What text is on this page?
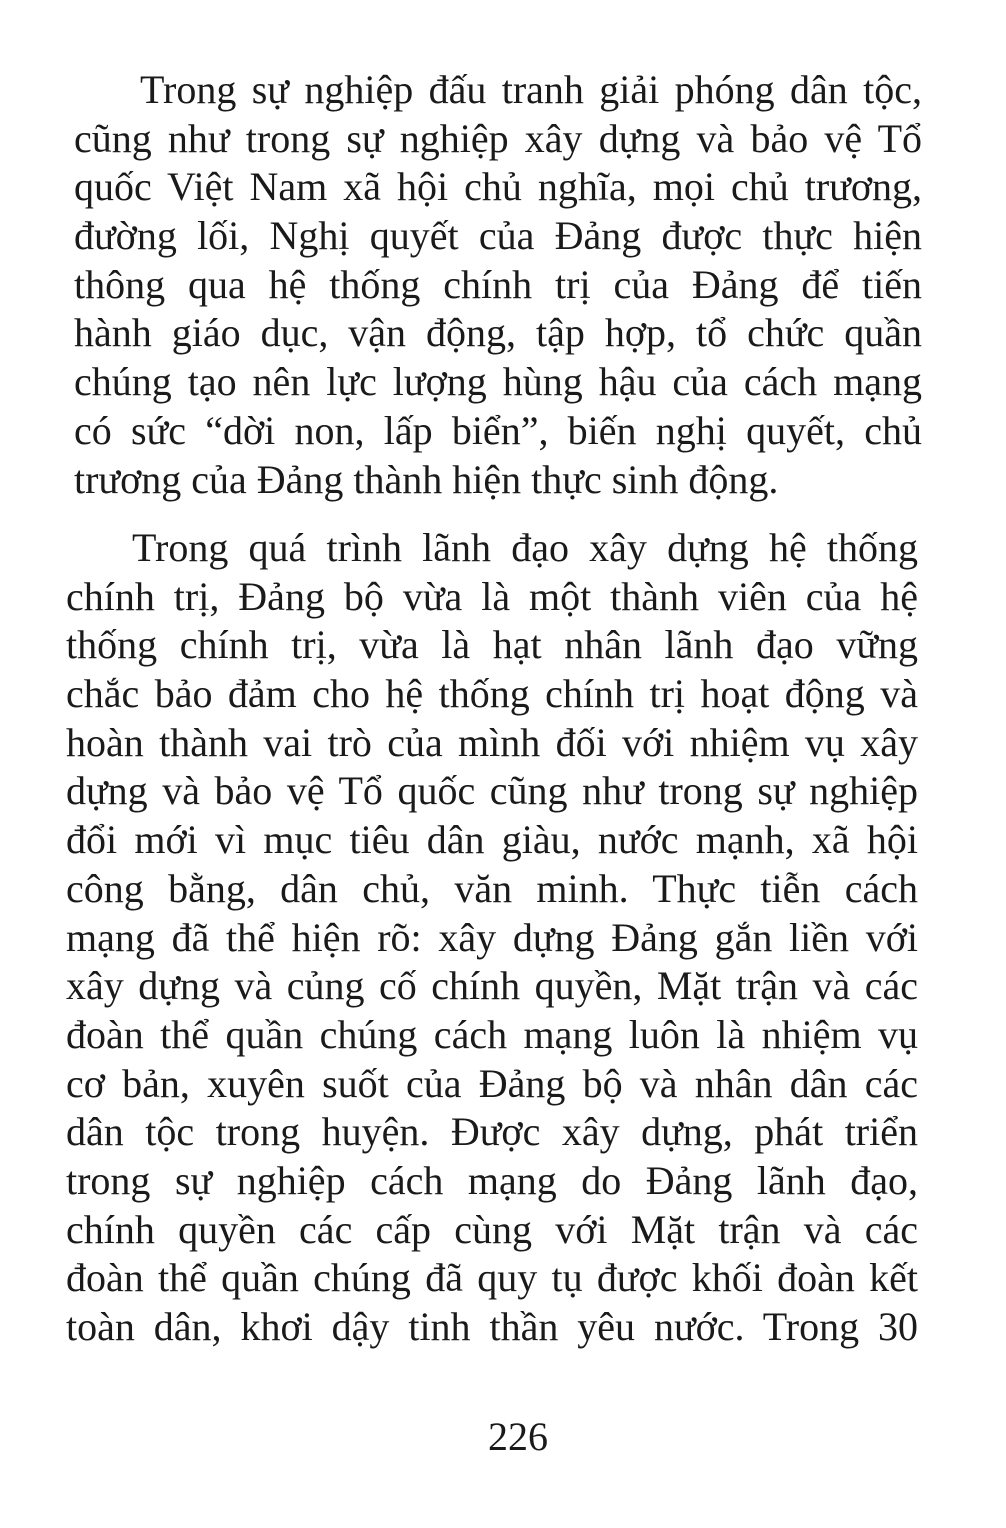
Trong sự nghiệp đấu tranh giải phóng dân tộc,
cũng như trong sự nghiệp xây dựng và bảo vệ Tổ
quốc Việt Nam xã hội chủ nghĩa, mọi chủ trương,
đường lối, Nghị quyết của Đảng được thực hiện
thông qua hệ thống chính trị của Đảng để tiến
hành giáo dục, vận động, tập hợp, tổ chức quần
chúng tạo nên lực lượng hùng hậu của cách mạng
có sức “dời non, lấp biển”, biến nghị quyết, chủ
trương của Đảng thành hiện thực sinh động.

Trong quá trình lãnh đạo xây dựng hệ thống
chính trị, Đảng bộ vừa là một thành viên của hệ
thống chính trị, vừa là hạt nhân lãnh đạo vững
chắc bảo đảm cho hệ thống chính trị hoạt động và
hoàn thành vai trò của mình đối với nhiệm vụ xây
dựng và bảo vệ Tổ quốc cũng như trong sự nghiệp
đổi mới vì mục tiêu dân giàu, nước mạnh, xã hội
công bằng, dân chủ, văn minh. Thực tiễn cách
mạng đã thể hiện rõ: xây dựng Đảng gắn liền với
xây dựng và củng cố chính quyền, Mặt trận và các
đoàn thể quần chúng cách mạng luôn là nhiệm vụ
cơ bản, xuyên suốt của Đảng bộ và nhân dân các
dân tộc trong huyện. Được xây dựng, phát triển
trong sự nghiệp cách mạng do Đảng lãnh đạo,
chính quyền các cấp cùng với Mặt trận và các
đoàn thể quần chúng đã quy tụ được khối đoàn kết
toàn dân, khơi dậy tinh thần yêu nước. Trong 30

226
